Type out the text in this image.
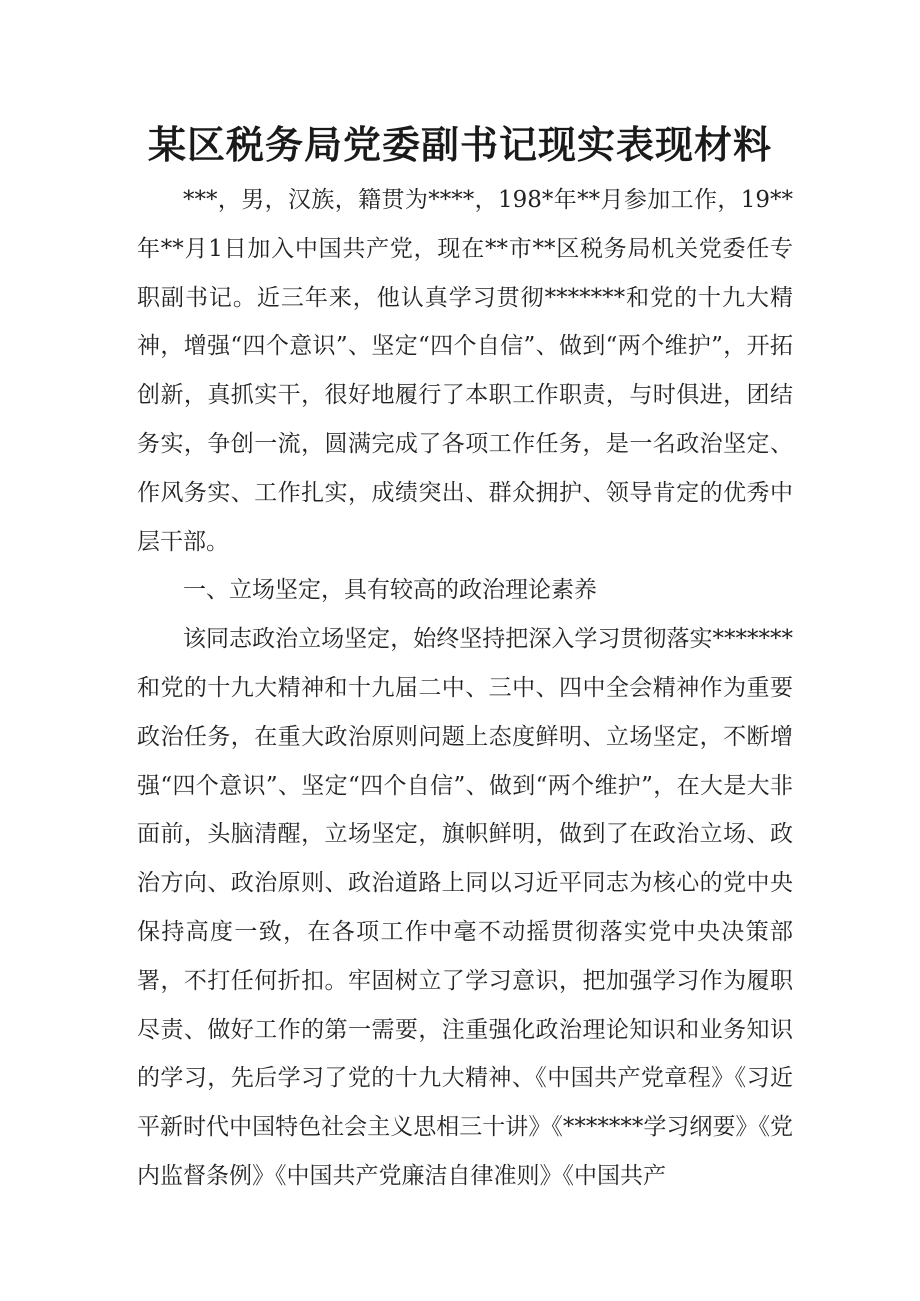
某区税务局党委副书记现实表现材料

***，男，汉族，籍贯为****，198*年**月参加工作，19**年**月1日加入中国共产党，现在**市**区税务局机关党委任专职副书记。近三年来，他认真学习贯彻*******和党的十九大精神，增强“四个意识”、坚定“四个自信”、做到“两个维护”，开拓创新，真抓实干，很好地履行了本职工作职责，与时俱进，团结务实，争创一流，圆满完成了各项工作任务，是一名政治坚定、作风务实、工作扎实，成绩突出、群众拥护、领导肯定的优秀中层干部。

一、立场坚定，具有较高的政治理论素养

该同志政治立场坚定，始终坚持把深入学习贯彻落实*******和党的十九大精神和十九届二中、三中、四中全会精神作为重要政治任务，在重大政治原则问题上态度鲜明、立场坚定，不断增强“四个意识”、坚定“四个自信”、做到“两个维护”，在大是大非面前，头脑清醒，立场坚定，旗帜鲜明，做到了在政治立场、政治方向、政治原则、政治道路上同以习近平同志为核心的党中央保持高度一致，在各项工作中毫不动摇贯彻落实党中央决策部署，不打任何折扣。牢固树立了学习意识，把加强学习作为履职尽责、做好工作的第一需要，注重强化政治理论知识和业务知识的学习，先后学习了党的十九大精神、《中国共产党章程》《习近平新时代中国特色社会主义思相三十讲》《*******学习纲要》《党内监督条例》《中国共产党廉洁自律准则》《中国共产
